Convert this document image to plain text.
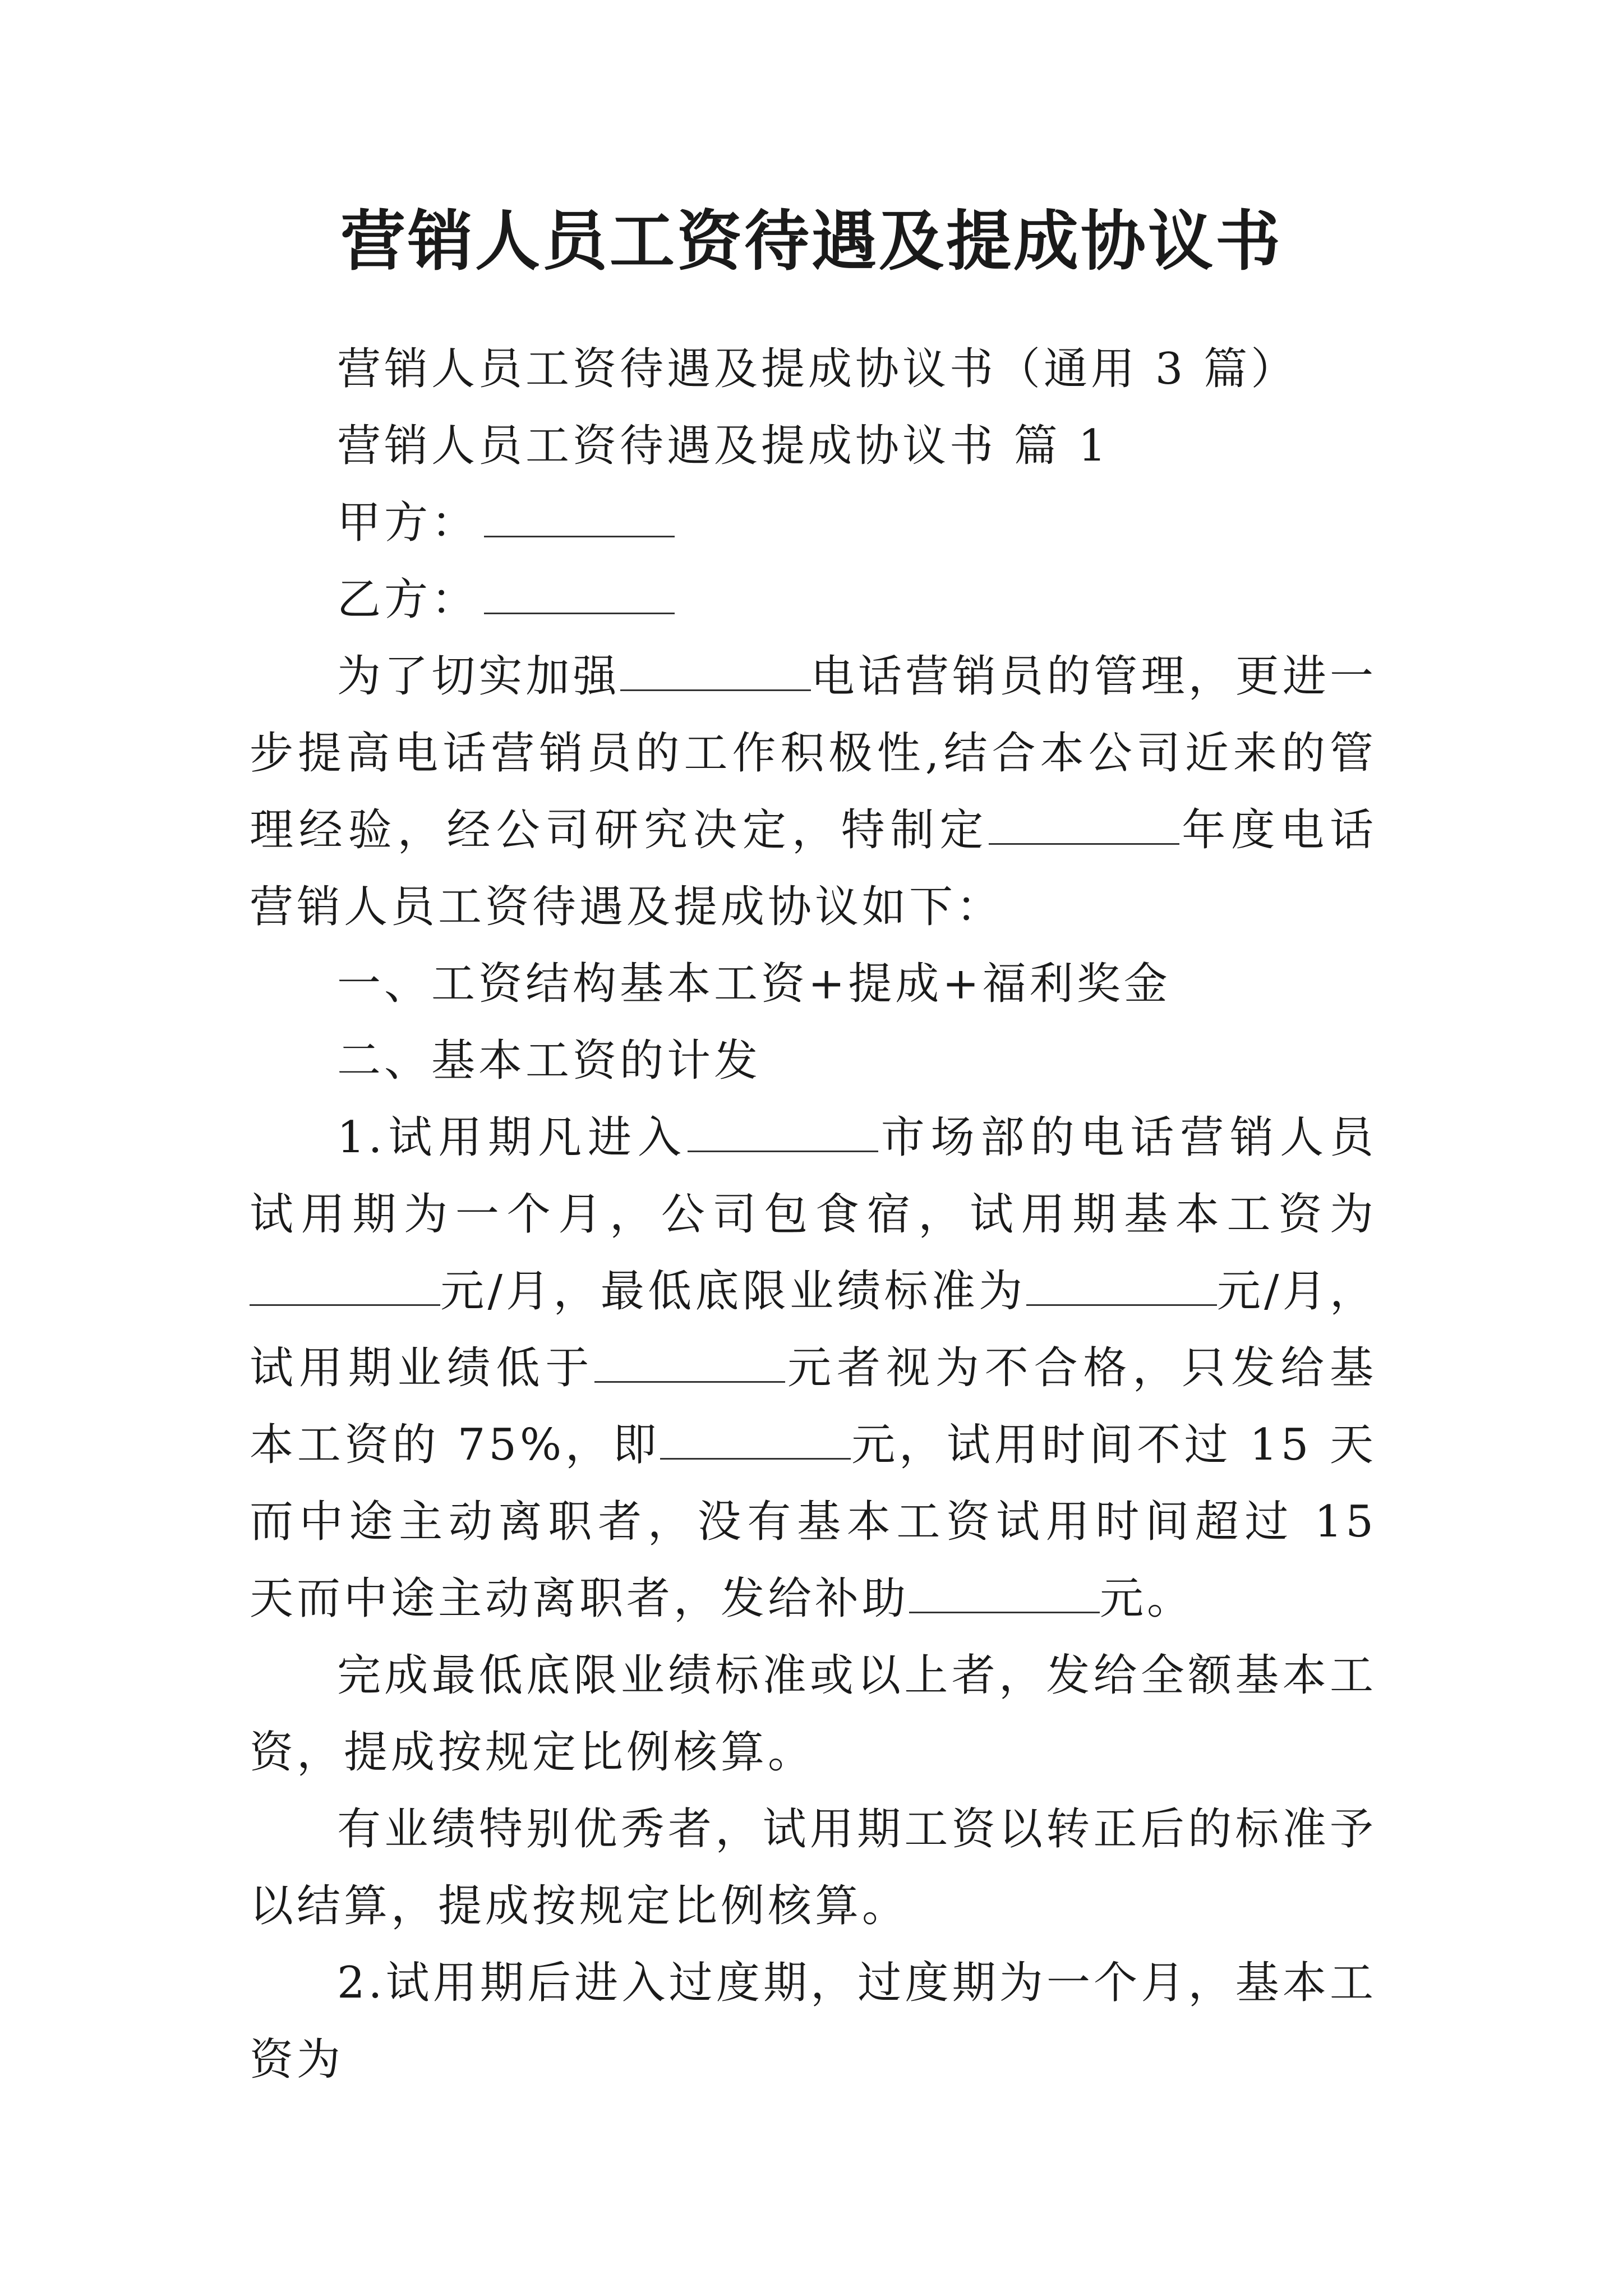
营销人员工资待遇及提成协议书

营销人员工资待遇及提成协议书（通用 3 篇）

营销人员工资待遇及提成协议书 篇 1

甲方：

乙方：

为了切实加强	电话营销员的管理，更进一步提高电话营销员的工作积极性,结合本公司近来的管理经验，经公司研究决定，特制定	年度电话营销人员工资待遇及提成协议如下：

一、工资结构基本工资+提成+福利奖金

二、基本工资的计发

1.试用期凡进入	市场部的电话营销人员试用期为一个月，公司包食宿，试用期基本工资为元/月，最低底限业绩标准为	元/月，试用期业绩低于	元者视为不合格，只发给基本工资的 75%，即	元，试用时间不过 15 天而中途主动离职者，没有基本工资试用时间超过 15 天而中途主动离职者，发给补助	元。

完成最低底限业绩标准或以上者，发给全额基本工资，提成按规定比例核算。

有业绩特别优秀者，试用期工资以转正后的标准予以结算，提成按规定比例核算。

2.试用期后进入过度期，过度期为一个月，基本工资为
